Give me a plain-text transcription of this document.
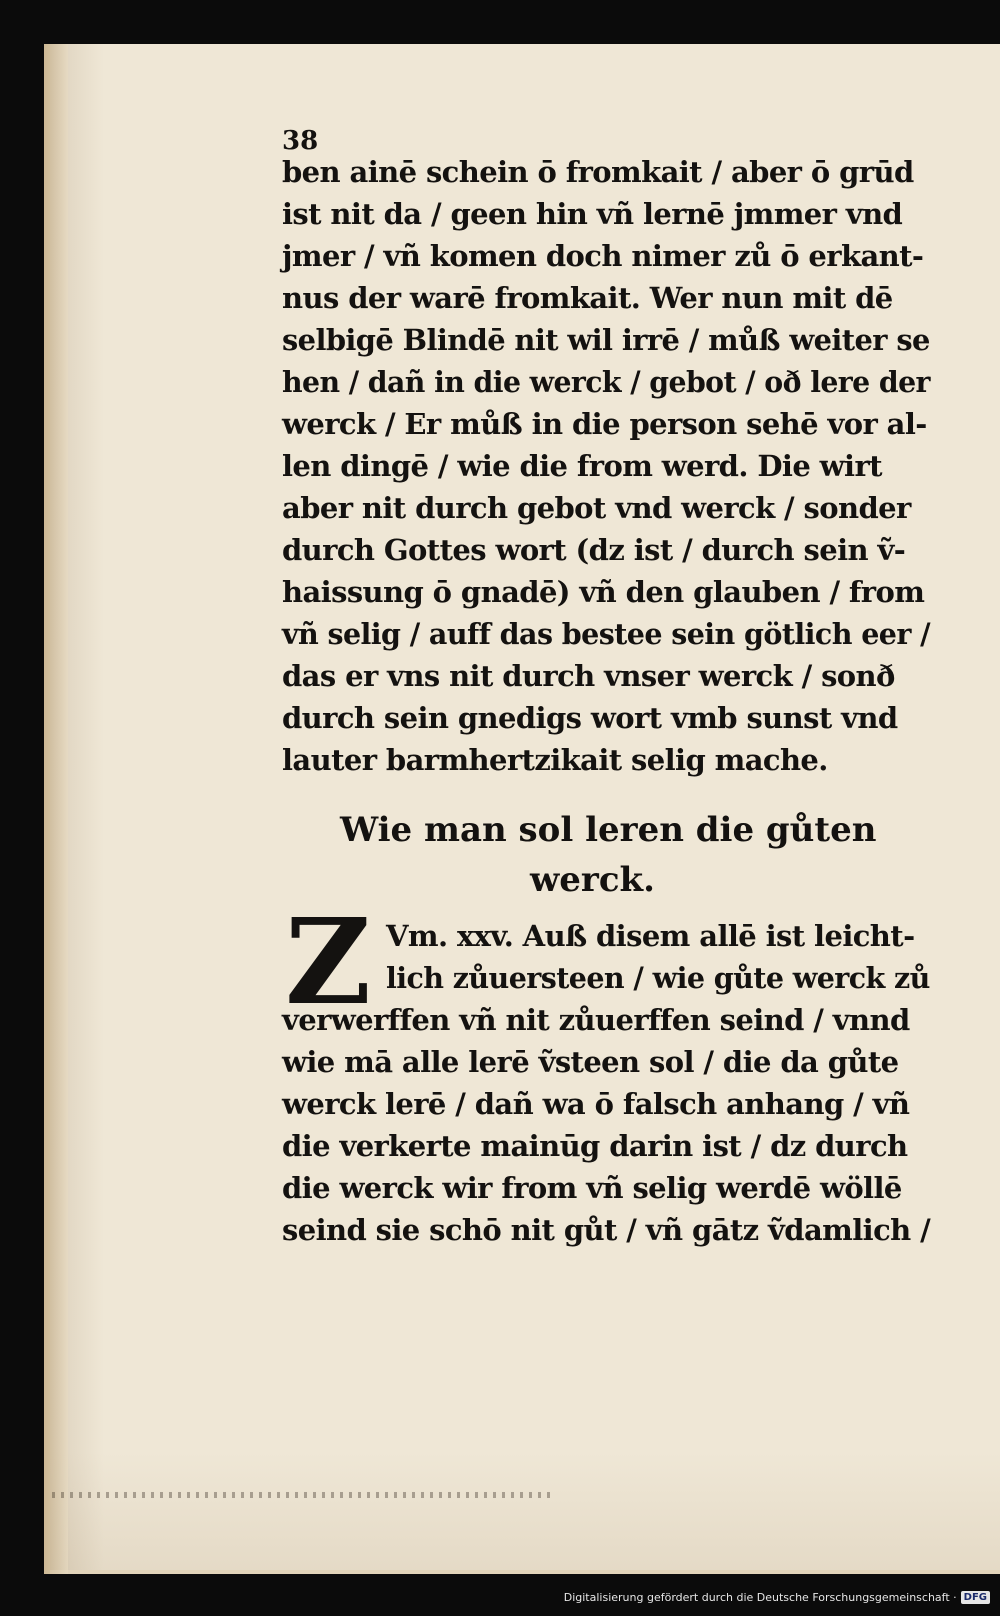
38
ben ainē schein ō fromkait / aber ō grūd
ist nit da / geen hin vñ lernē jmmer vnd
jmer / vñ komen doch nimer zů ō erkant-
nus der warē fromkait. Wer nun mit dē
selbigē Blindē nit wil irrē / můß weiter se
hen / dañ in die werck / gebot / oð lere der
werck / Er můß in die person sehē vor al-
len dingē / wie die from werd. Die wirt
aber nit durch gebot vnd werck / sonder
durch Gottes wort (dz ist / durch sein ṽ-
haissung ō gnadē) vñ den glauben / from
vñ selig / auff das bestee sein götlich eer /
das er vns nit durch vnser werck / sonð
durch sein gnedigs wort vmb sunst vnd
lauter barmhertzikait selig mache.
Wie man sol leren die gůten
werck.
Z Vm. xxv. Auß disem allē ist leicht-
lich zůuersteen / wie gůte werck zů
verwerffen vñ nit zůuerffen seind / vnnd
wie mā alle lerē ṽsteen sol / die da gůte
werck lerē / dañ wa ō falsch anhang / vñ
die verkerte mainūg darin ist / dz durch
die werck wir from vñ selig werdē wöllē
seind sie schō nit gůt / vñ gātz ṽdamlich /
Digitalisierung gefördert durch die Deutsche Forschungsgemeinschaft · DFG
